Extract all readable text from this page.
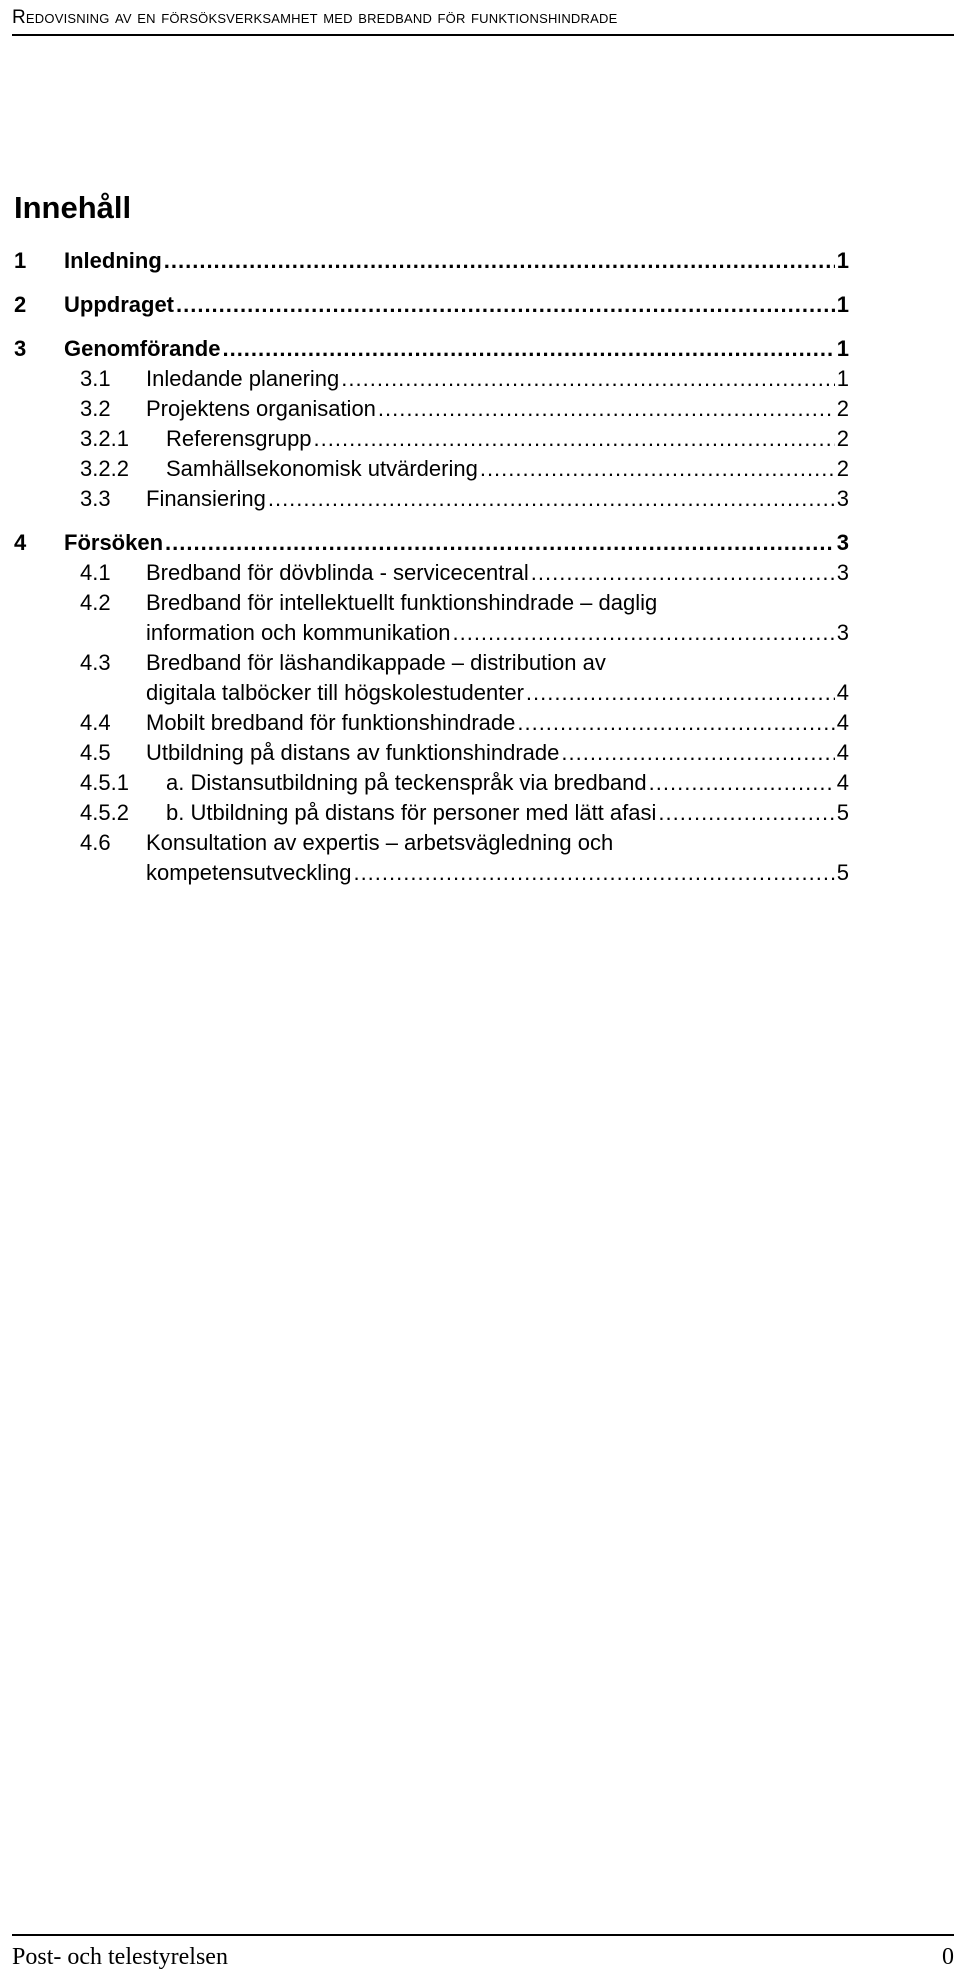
Redovisning av en försöksverksamhet med bredband för funktionshindrade
Innehåll
1	Inledning .....	1
2	Uppdraget .....	1
3	Genomförande .....	1
3.1	Inledande planering .....	1
3.2	Projektens organisation .....	2
3.2.1	Referensgrupp .....	2
3.2.2	Samhällsekonomisk utvärdering .....	2
3.3	Finansiering .....	3
4	Försöken .....	3
4.1	Bredband för dövblinda - servicecentral .....	3
4.2 Bredband för intellektuellt funktionshindrade – daglig
information och kommunikation .....	3
4.3 Bredband för läshandikappade – distribution av
digitala talböcker till högskolestudenter .....	4
4.4	Mobilt bredband för funktionshindrade .....	4
4.5	Utbildning på distans av funktionshindrade .....	4
4.5.1	a. Distansutbildning på teckenspråk via bredband .....	4
4.5.2	b. Utbildning på distans för personer med lätt afasi .....	5
4.6 Konsultation av expertis – arbetsvägledning och
kompetensutveckling .....	5
Post- och telestyrelsen	0
